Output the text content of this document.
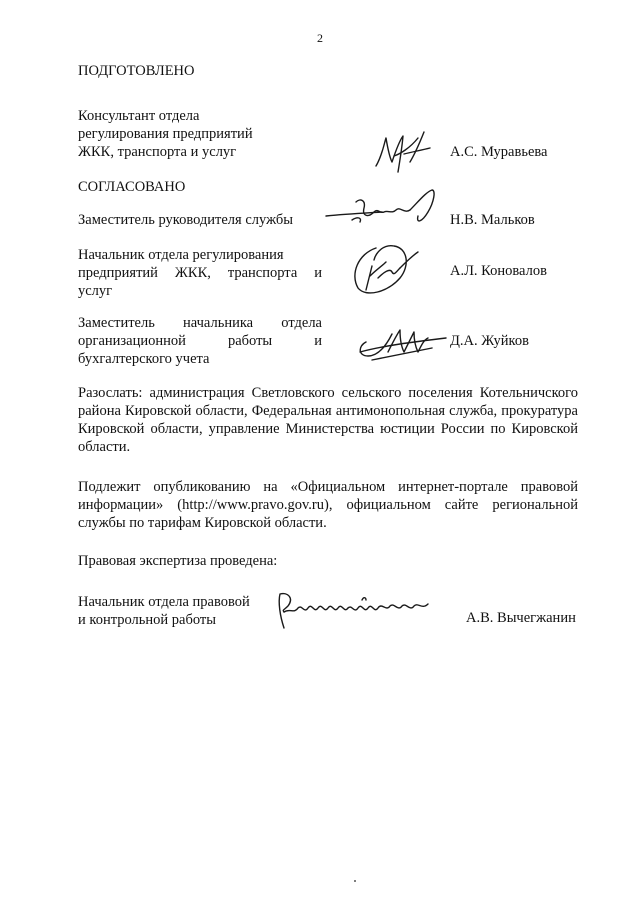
2
ПОДГОТОВЛЕНО
Консультант отдела
регулирования предприятий
ЖКК, транспорта и услуг	А.С. Муравьева
СОГЛАСОВАНО
Заместитель руководителя службы	Н.В. Мальков
Начальник отдела регулирования
предприятий ЖКК, транспорта и
услуг
А.Л. Коновалов
Заместитель начальника отдела
организационной работы и
бухгалтерского учета
Д.А. Жуйков
Разослать: администрация Светловского сельского поселения Котельничского района Кировской области, Федеральная антимонопольная служба, прокуратура Кировской области, управление Министерства юстиции России по Кировской области.
Подлежит опубликованию на «Официальном интернет-портале правовой информации» (http://www.pravo.gov.ru), официальном сайте региональной службы по тарифам Кировской области.
Правовая экспертиза проведена:
Начальник отдела правовой
и контрольной работы	А.В. Вычегжанин
